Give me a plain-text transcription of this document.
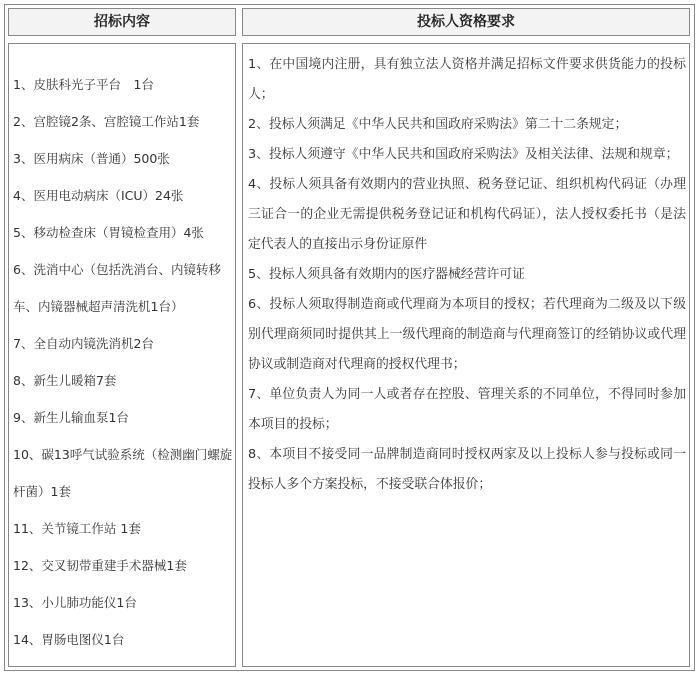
招标内容	投标人资格要求
1、皮肤科光子平台　1台
2、宫腔镜2条、宫腔镜工作站1套
3、医用病床（普通）500张
4、医用电动病床（ICU）24张
5、移动检查床（胃镜检查用）4张
6、洗消中心（包括洗消台、内镜转移车、内镜器械超声清洗机1台）
7、全自动内镜洗消机2台
8、新生儿暖箱7套
9、新生儿输血泵1台
10、碳13呼气试验系统（检测幽门螺旋杆菌）1套
11、关节镜工作站 1套
12、交叉韧带重建手术器械1套
13、小儿肺功能仪1台
14、胃肠电图仪1台
1、在中国境内注册，具有独立法人资格并满足招标文件要求供货能力的投标人；
2、投标人须满足《中华人民共和国政府采购法》第二十二条规定；
3、投标人须遵守《中华人民共和国政府采购法》及相关法律、法规和规章；
4、投标人须具备有效期内的营业执照、税务登记证、组织机构代码证（办理三证合一的企业无需提供税务登记证和机构代码证），法人授权委托书（是法定代表人的直接出示身份证原件
5、投标人须具备有效期内的医疗器械经营许可证
6、投标人须取得制造商或代理商为本项目的授权；若代理商为二级及以下级别代理商须同时提供其上一级代理商的制造商与代理商签订的经销协议或代理协议或制造商对代理商的授权代理书；
7、单位负责人为同一人或者存在控股、管理关系的不同单位，不得同时参加本项目的投标；
8、本项目不接受同一品牌制造商同时授权两家及以上投标人参与投标或同一投标人多个方案投标，不接受联合体报价；
